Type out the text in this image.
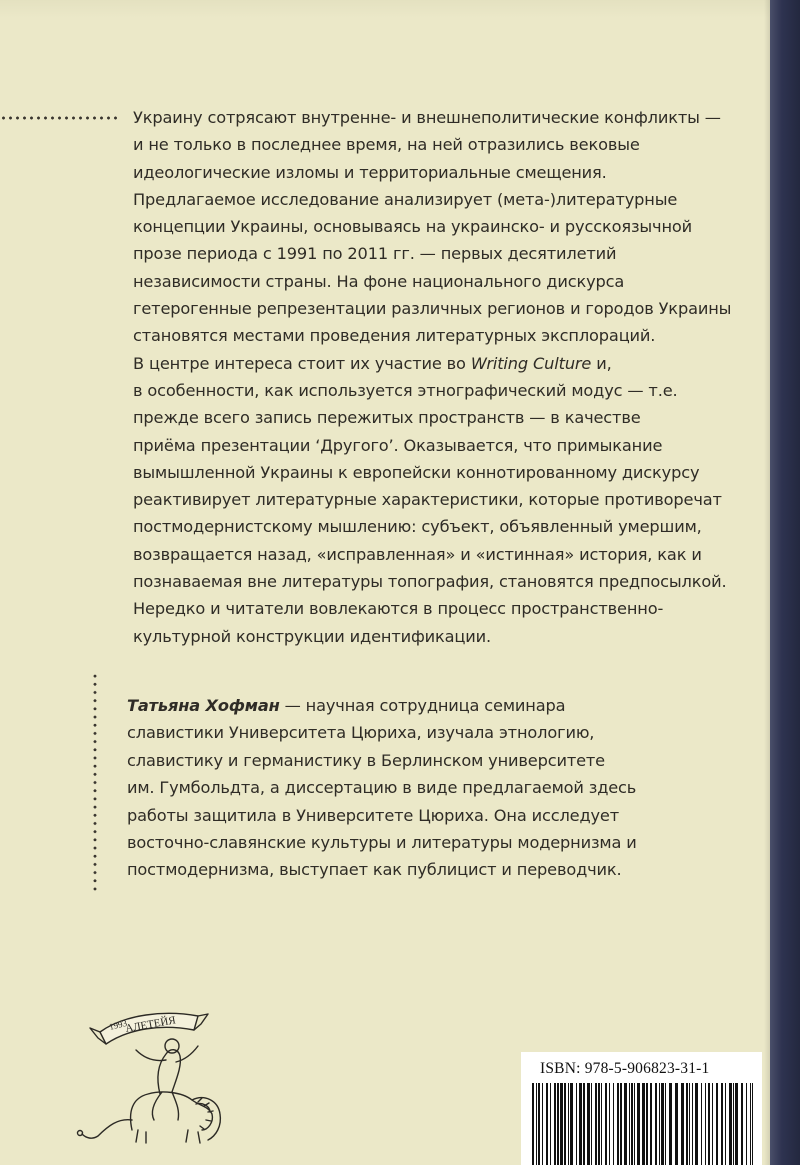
Украину сотрясают внутренне- и внешнеполитические конфликты —
и не только в последнее время, на ней отразились вековые
идеологические изломы и территориальные смещения.
Предлагаемое исследование анализирует (мета-)литературные
концепции Украины, основываясь на украинско- и русскоязычной
прозе периода с 1991 по 2011 гг. — первых десятилетий
независимости страны. На фоне национального дискурса
гетерогенные репрезентации различных регионов и городов Украины
становятся местами проведения литературных эксплораций.
В центре интереса стоит их участие во Writing Culture и,
в особенности, как используется этнографический модус — т.е.
прежде всего запись пережитых пространств — в качестве
приёма презентации ‘Другого’. Оказывается, что примыкание
вымышленной Украины к европейски коннотированному дискурсу
реактивирует литературные характеристики, которые противоречат
постмодернистскому мышлению: субъект, объявленный умершим,
возвращается назад, «исправленная» и «истинная» история, как и
познаваемая вне литературы топография, становятся предпосылкой.
Нередко и читатели вовлекаются в процесс пространственно-
культурной конструкции идентификации.
Татьяна Хофман — научная сотрудница семинара
славистики Университета Цюриха, изучала этнологию,
славистику и германистику в Берлинском университете
им. Гумбольдта, а диссертацию в виде предлагаемой здесь
работы защитила в Университете Цюриха. Она исследует
восточно-славянские культуры и литературы модернизма и
постмодернизма, выступает как публицист и переводчик.
1993
АЛЕТЕЙЯ
ISBN: 978-5-906823-31-1
